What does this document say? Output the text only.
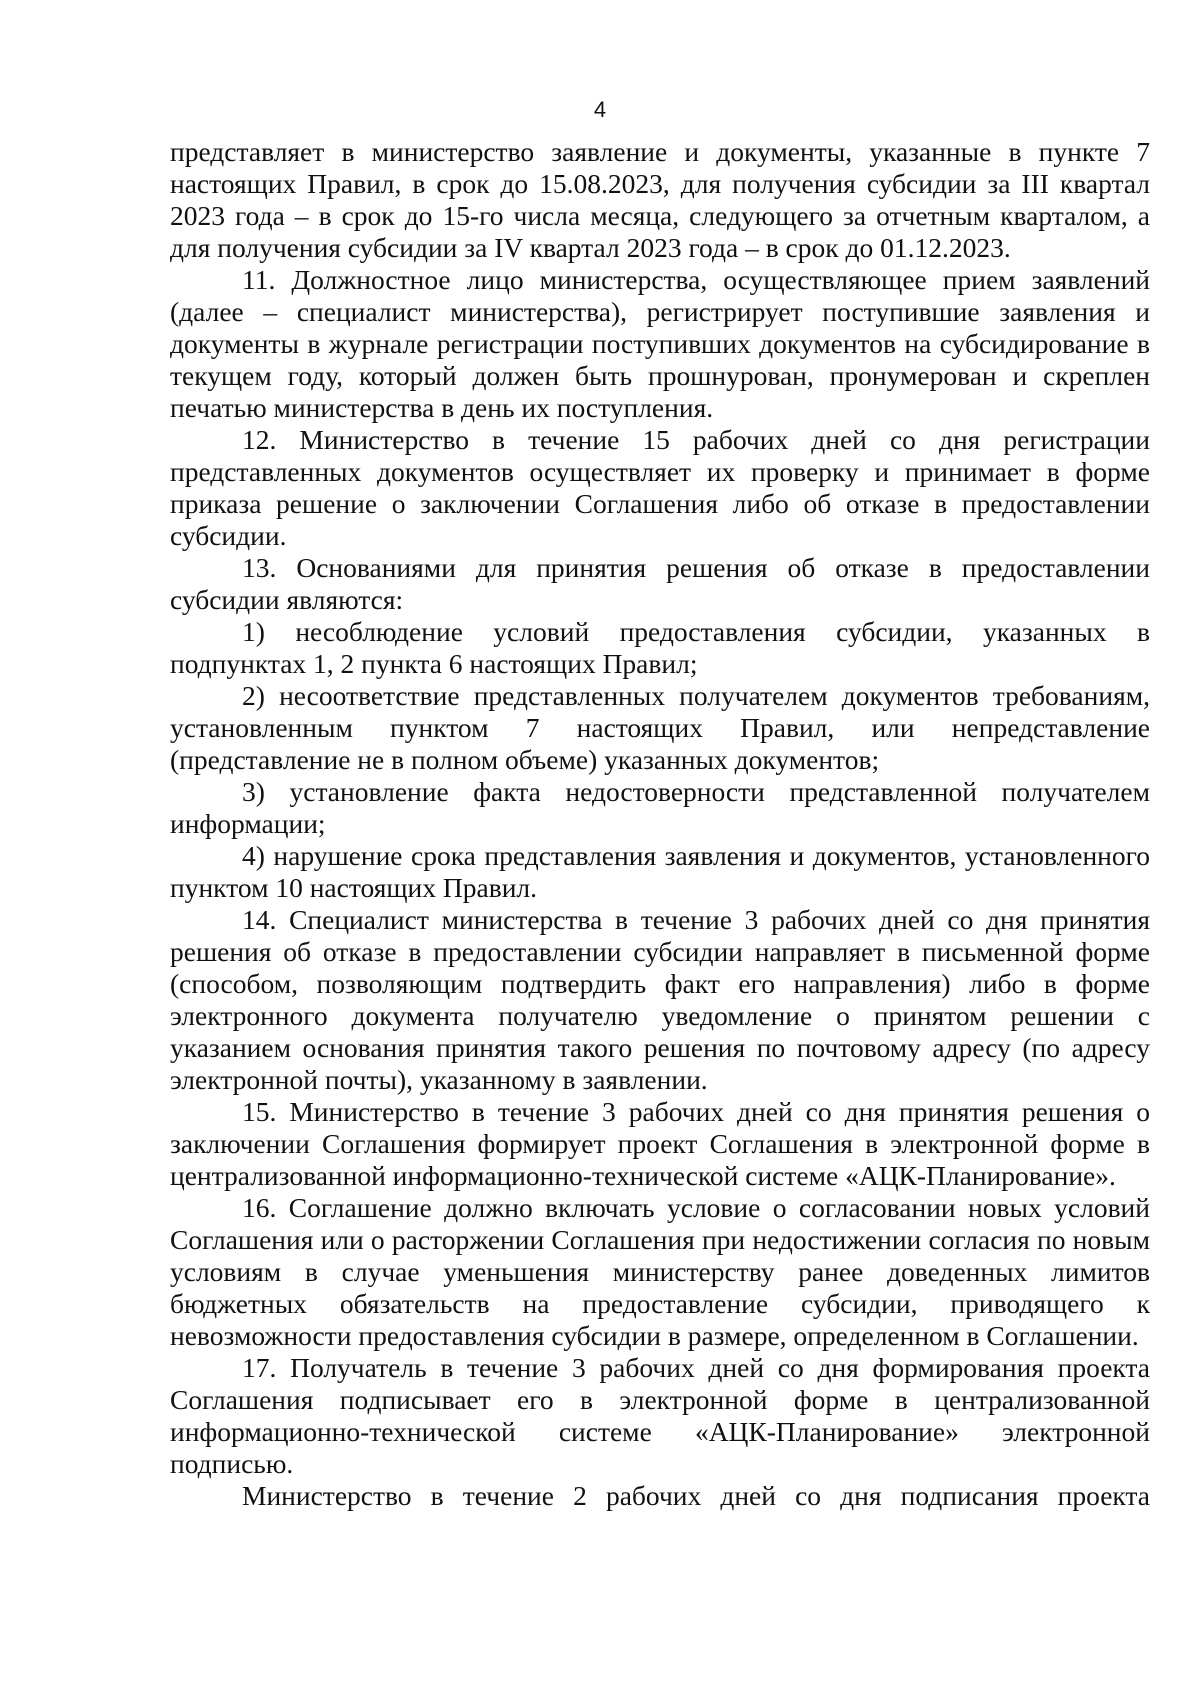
4

представляет в министерство заявление и документы, указанные в пункте 7 настоящих Правил, в срок до 15.08.2023, для получения субсидии за III квартал 2023 года – в срок до 15-го числа месяца, следующего за отчетным кварталом, а для получения субсидии за IV квартал 2023 года – в срок до 01.12.2023.

11. Должностное лицо министерства, осуществляющее прием заявлений (далее – специалист министерства), регистрирует поступившие заявления и документы в журнале регистрации поступивших документов на субсидирование в текущем году, который должен быть прошнурован, пронумерован и скреплен печатью министерства в день их поступления.

12. Министерство в течение 15 рабочих дней со дня регистрации представленных документов осуществляет их проверку и принимает в форме приказа решение о заключении Соглашения либо об отказе в предоставлении субсидии.

13. Основаниями для принятия решения об отказе в предоставлении субсидии являются:

1) несоблюдение условий предоставления субсидии, указанных в подпунктах 1, 2 пункта 6 настоящих Правил;

2) несоответствие представленных получателем документов требованиям, установленным пунктом 7 настоящих Правил, или непредставление (представление не в полном объеме) указанных документов;

3) установление факта недостоверности представленной получателем информации;

4) нарушение срока представления заявления и документов, установленного пунктом 10 настоящих Правил.

14. Специалист министерства в течение 3 рабочих дней со дня принятия решения об отказе в предоставлении субсидии направляет в письменной форме (способом, позволяющим подтвердить факт его направления) либо в форме электронного документа получателю уведомление о принятом решении с указанием основания принятия такого решения по почтовому адресу (по адресу электронной почты), указанному в заявлении.

15. Министерство в течение 3 рабочих дней со дня принятия решения о заключении Соглашения формирует проект Соглашения в электронной форме в централизованной информационно-технической системе «АЦК-Планирование».

16. Соглашение должно включать условие о согласовании новых условий Соглашения или о расторжении Соглашения при недостижении согласия по новым условиям в случае уменьшения министерству ранее доведенных лимитов бюджетных обязательств на предоставление субсидии, приводящего к невозможности предоставления субсидии в размере, определенном в Соглашении.

17. Получатель в течение 3 рабочих дней со дня формирования проекта Соглашения подписывает его в электронной форме в централизованной информационно-технической системе «АЦК-Планирование» электронной подписью.

Министерство в течение 2 рабочих дней со дня подписания проекта
